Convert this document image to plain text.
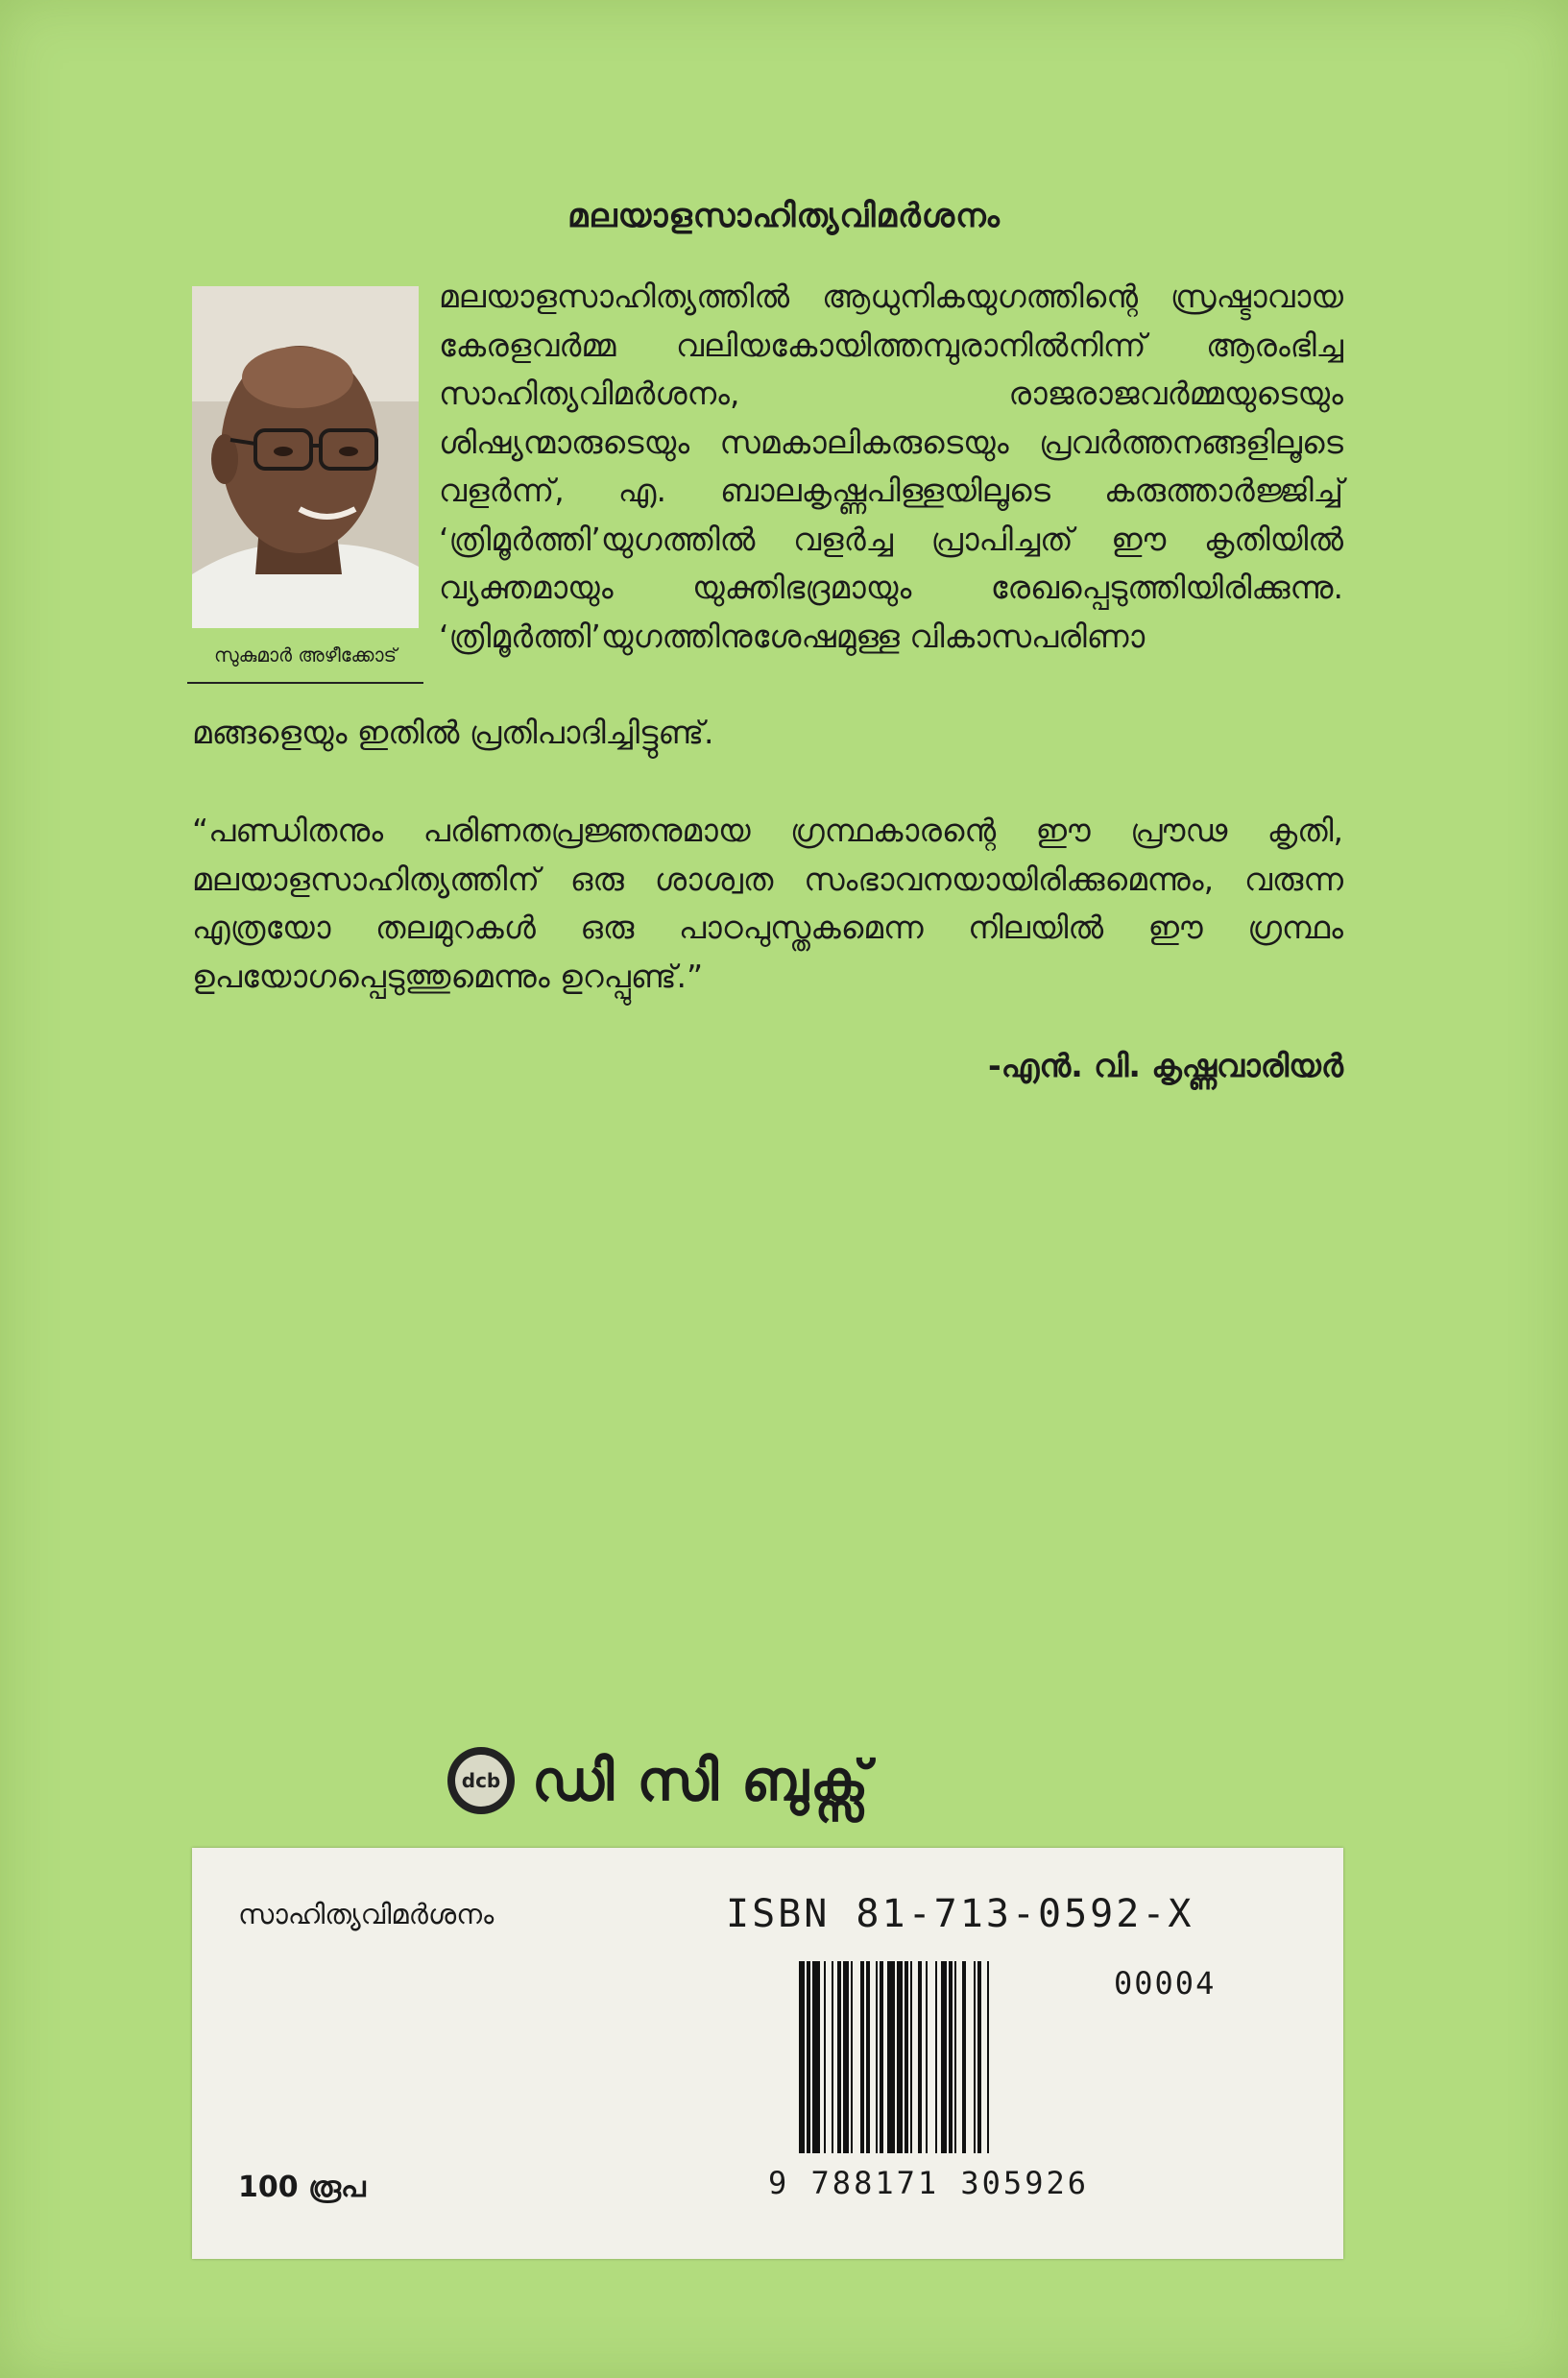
മലയാളസാഹിത്യവിമർശനം
സുകുമാർ അഴീക്കോട്
മലയാളസാഹിത്യത്തിൽ ആധുനികയുഗത്തിന്റെ സ്രഷ്ടാവായ കേരളവർമ്മ വലിയകോയിത്തമ്പുരാനിൽനിന്ന് ആരംഭിച്ച സാഹിത്യവിമർശനം, രാജരാജവർമ്മയുടെയും ശിഷ്യന്മാരുടെയും സമകാലികരുടെയും പ്രവർത്തനങ്ങളിലൂടെ വളർന്ന്, എ. ബാലകൃഷ്ണപിള്ളയിലൂടെ കരുത്താർജ്ജിച്ച് ‘ത്രിമൂർത്തി’യുഗത്തിൽ വളർച്ച പ്രാപിച്ചത് ഈ കൃതിയിൽ വ്യക്തമായും യുക്തിഭദ്രമായും രേഖപ്പെടുത്തിയിരിക്കുന്നു. ‘ത്രിമൂർത്തി’യുഗത്തിനുശേഷമുള്ള വികാസപരിണാ
മങ്ങളെയും ഇതിൽ പ്രതിപാദിച്ചിട്ടുണ്ട്.
“പണ്ഡിതനും പരിണതപ്രജ്ഞനുമായ ഗ്രന്ഥകാരന്റെ ഈ പ്രൗഢ കൃതി, മലയാളസാഹിത്യത്തിന് ഒരു ശാശ്വത സംഭാവനയായിരിക്കുമെന്നും, വരുന്ന എത്രയോ തലമുറകൾ ഒരു പാഠപുസ്തകമെന്ന നിലയിൽ ഈ ഗ്രന്ഥം ഉപയോഗപ്പെടുത്തുമെന്നും ഉറപ്പുണ്ട്.”
-എൻ. വി. കൃഷ്ണവാരിയർ
dcb ഡി സി ബുക്സ്
സാഹിത്യവിമർശനം	ISBN 81-713-0592-X
00004
9 788171 305926
100 രൂപ
